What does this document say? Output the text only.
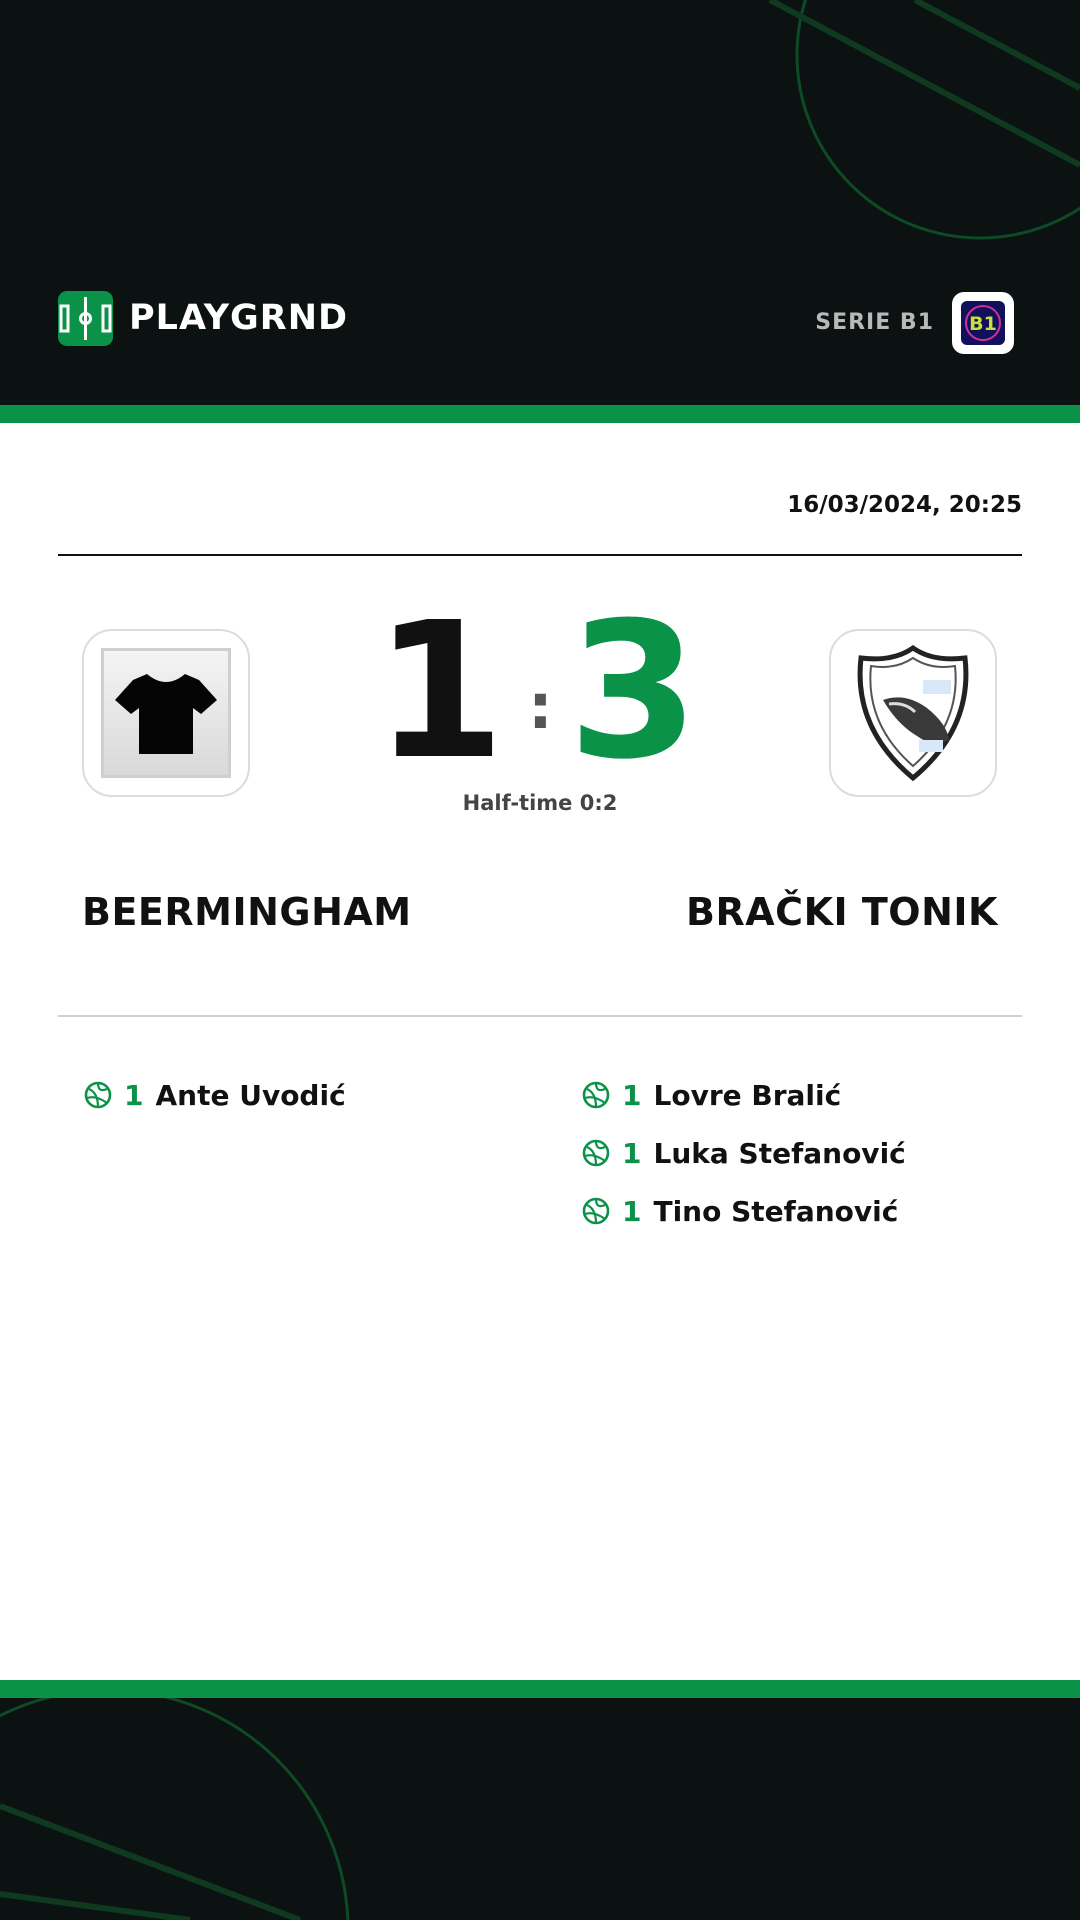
PLAYGRND	SERIE B1 B1
16/03/2024, 20:25
1 : 3
Half-time 0:2
BEERMINGHAM	BRAČKI TONIK
1 Ante Uvodić	1 Lovre Bralić
1 Luka Stefanović
1 Tino Stefanović
